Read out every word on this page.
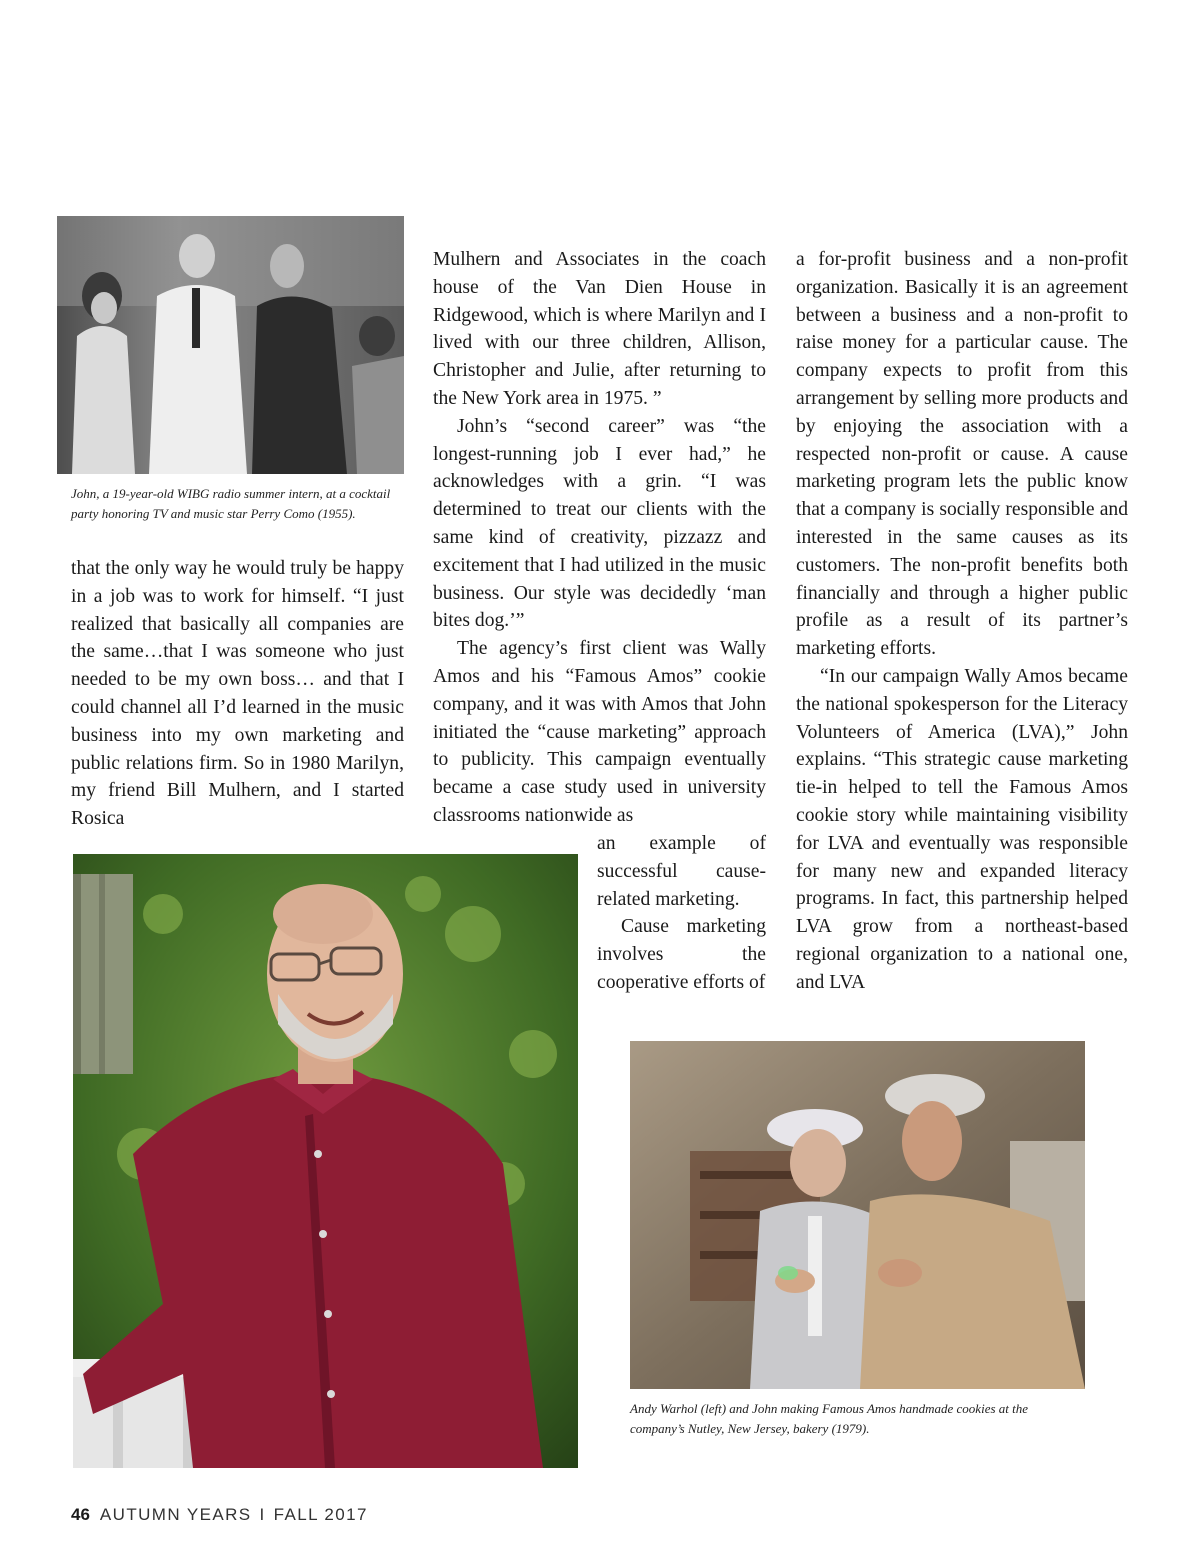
John, a 19-year-old WIBG radio summer intern, at a cocktail party honoring TV and music star Perry Como (1955).

that the only way he would truly be happy in a job was to work for himself. “I just realized that basically all companies are the same…that I was someone who just needed to be my own boss… and that I could channel all I’d learned in the music business into my own marketing and public relations firm. So in 1980 Marilyn, my friend Bill Mulhern, and I started Rosica

Mulhern and Associates in the coach house of the Van Dien House in Ridgewood, which is where Marilyn and I lived with our three children, Allison, Christopher and Julie, after returning to the New York area in 1975. ”

John’s “second career” was “the longest-running job I ever had,” he acknowledges with a grin. “I was determined to treat our clients with the same kind of creativity, pizzazz and excitement that I had utilized in the music business. Our style was decidedly ‘man bites dog.’”

The agency’s first client was Wally Amos and his “Famous Amos” cookie company, and it was with Amos that John initiated the “cause marketing” approach to publicity. This campaign eventually became a case study used in university classrooms nationwide as

an example of successful cause-related marketing.

Cause marketing involves the cooperative efforts of

a for-profit business and a non-profit organization. Basically it is an agreement between a business and a non-profit to raise money for a particular cause. The company expects to profit from this arrangement by selling more products and by enjoying the association with a respected non-profit or cause. A cause marketing program lets the public know that a company is socially responsible and interested in the same causes as its customers. The non-profit benefits both financially and through a higher public profile as a result of its partner’s marketing efforts.

“In our campaign Wally Amos became the national spokesperson for the Literacy Volunteers of America (LVA),” John explains. “This strategic cause marketing tie-in helped to tell the Famous Amos cookie story while maintaining visibility for LVA and eventually was responsible for many new and expanded literacy programs. In fact, this partnership helped LVA grow from a northeast-based regional organization to a national one, and LVA

Andy Warhol (left) and John making Famous Amos handmade cookies at the company’s Nutley, New Jersey, bakery (1979).

46 AUTUMN YEARS I FALL 2017
